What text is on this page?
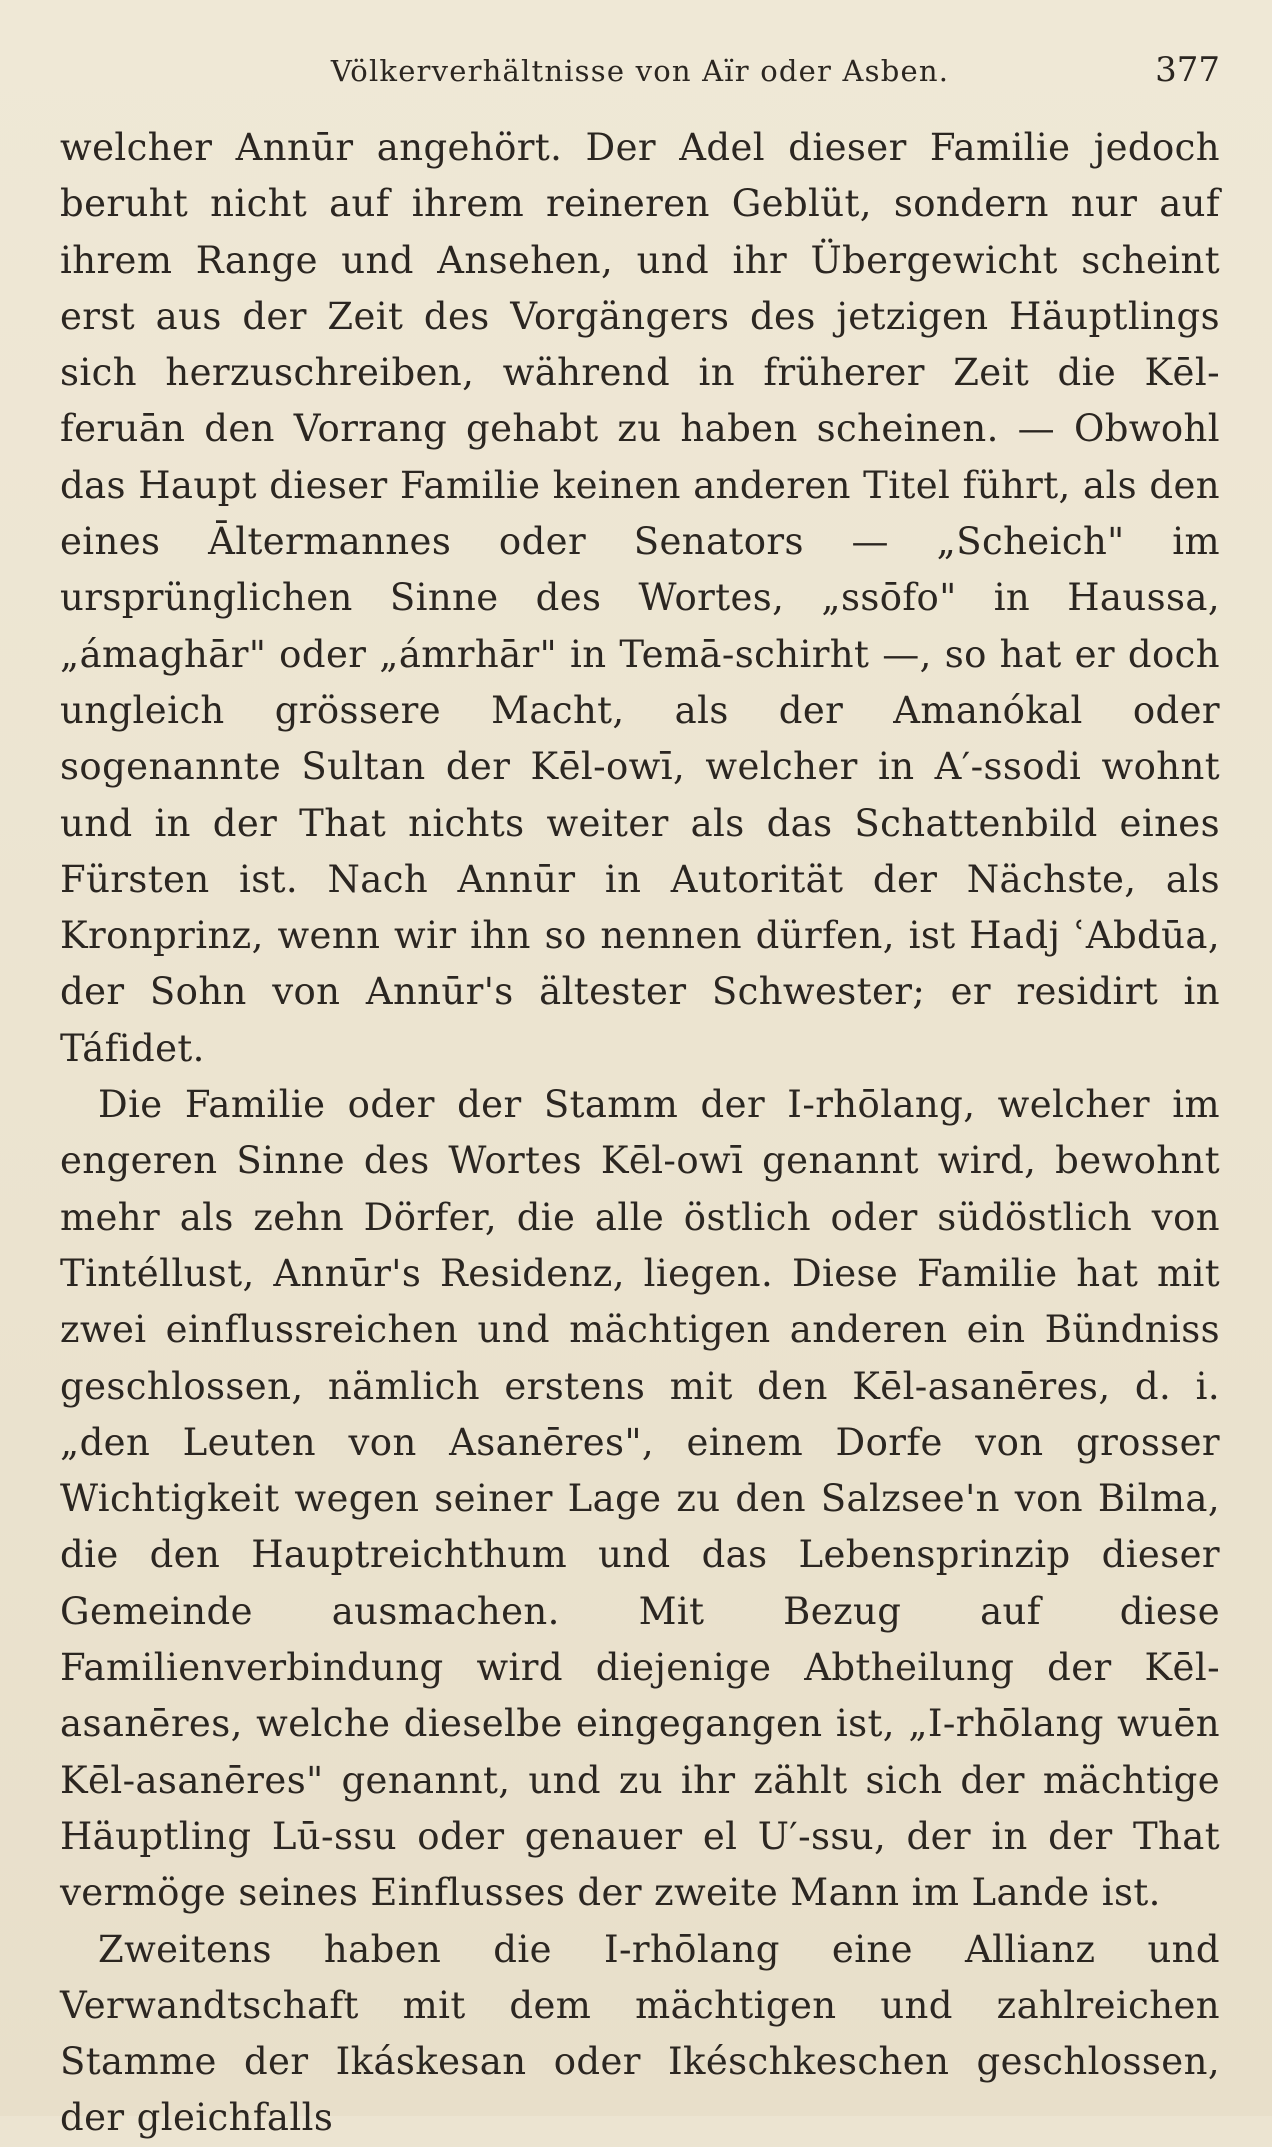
Völkerverhältnisse von Aïr oder Asben.	377

welcher Annūr angehört. Der Adel dieser Familie jedoch beruht nicht auf ihrem reineren Geblüt, sondern nur auf ihrem Range und Ansehen, und ihr Übergewicht scheint erst aus der Zeit des Vorgängers des jetzigen Häuptlings sich herzuschreiben, während in früherer Zeit die Kēl-feruān den Vorrang gehabt zu haben scheinen. — Obwohl das Haupt dieser Familie keinen anderen Titel führt, als den eines Āltermannes oder Senators — „Scheich" im ursprünglichen Sinne des Wortes, „ssōfo" in Haussa, „ámaghār" oder „ámrhār" in Temā-schirht —, so hat er doch ungleich grössere Macht, als der Amanókal oder sogenannte Sultan der Kēl-owī, welcher in A′-ssodi wohnt und in der That nichts weiter als das Schattenbild eines Fürsten ist. Nach Annūr in Autorität der Nächste, als Kronprinz, wenn wir ihn so nennen dürfen, ist Hadj ʿAbdūa, der Sohn von Annūr's ältester Schwester; er residirt in Táfidet.

Die Familie oder der Stamm der I-rhōlang, welcher im engeren Sinne des Wortes Kēl-owī genannt wird, bewohnt mehr als zehn Dörfer, die alle östlich oder südöstlich von Tintéllust, Annūr's Residenz, liegen. Diese Familie hat mit zwei einflussreichen und mächtigen anderen ein Bündniss geschlossen, nämlich erstens mit den Kēl-asanēres, d. i. „den Leuten von Asanēres", einem Dorfe von grosser Wichtigkeit wegen seiner Lage zu den Salzsee'n von Bilma, die den Hauptreichthum und das Lebensprinzip dieser Gemeinde ausmachen. Mit Bezug auf diese Familienverbindung wird diejenige Abtheilung der Kēl-asanēres, welche dieselbe eingegangen ist, „I-rhōlang wuēn Kēl-asanēres" genannt, und zu ihr zählt sich der mächtige Häuptling Lū-ssu oder genauer el U′-ssu, der in der That vermöge seines Einflusses der zweite Mann im Lande ist.

Zweitens haben die I-rhōlang eine Allianz und Verwandtschaft mit dem mächtigen und zahlreichen Stamme der Ikáskesan oder Ikéschkeschen geschlossen, der gleichfalls
